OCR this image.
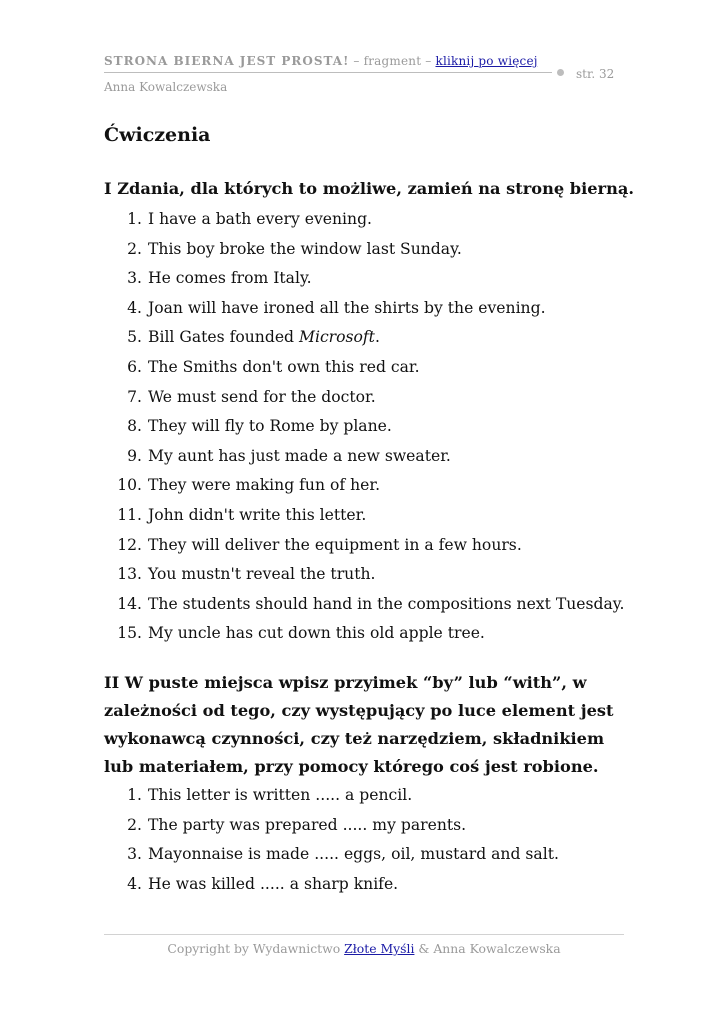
STRONA BIERNA JEST PROSTA! – fragment – kliknij po więcej
str. 32
Anna Kowalczewska
Ćwiczenia
I Zdania, dla których to możliwe, zamień na stronę bierną.
1. I have a bath every evening.
2. This boy broke the window last Sunday.
3. He comes from Italy.
4. Joan will have ironed all the shirts by the evening.
5. Bill Gates founded Microsoft.
6. The Smiths don't own this red car.
7. We must send for the doctor.
8. They will fly to Rome by plane.
9. My aunt has just made a new sweater.
10. They were making fun of her.
11. John didn't write this letter.
12. They will deliver the equipment in a few hours.
13. You mustn't reveal the truth.
14. The students should hand in the compositions next Tuesday.
15. My uncle has cut down this old apple tree.
II W puste miejsca wpisz przyimek “by” lub “with”, w zależności od tego, czy występujący po luce element jest wykonawcą czynności, czy też narzędziem, składnikiem lub materiałem, przy pomocy którego coś jest robione.
1. This letter is written ..... a pencil.
2. The party was prepared ..... my parents.
3. Mayonnaise is made ..... eggs, oil, mustard and salt.
4. He was killed ..... a sharp knife.
Copyright by Wydawnictwo Złote Myśli & Anna Kowalczewska
